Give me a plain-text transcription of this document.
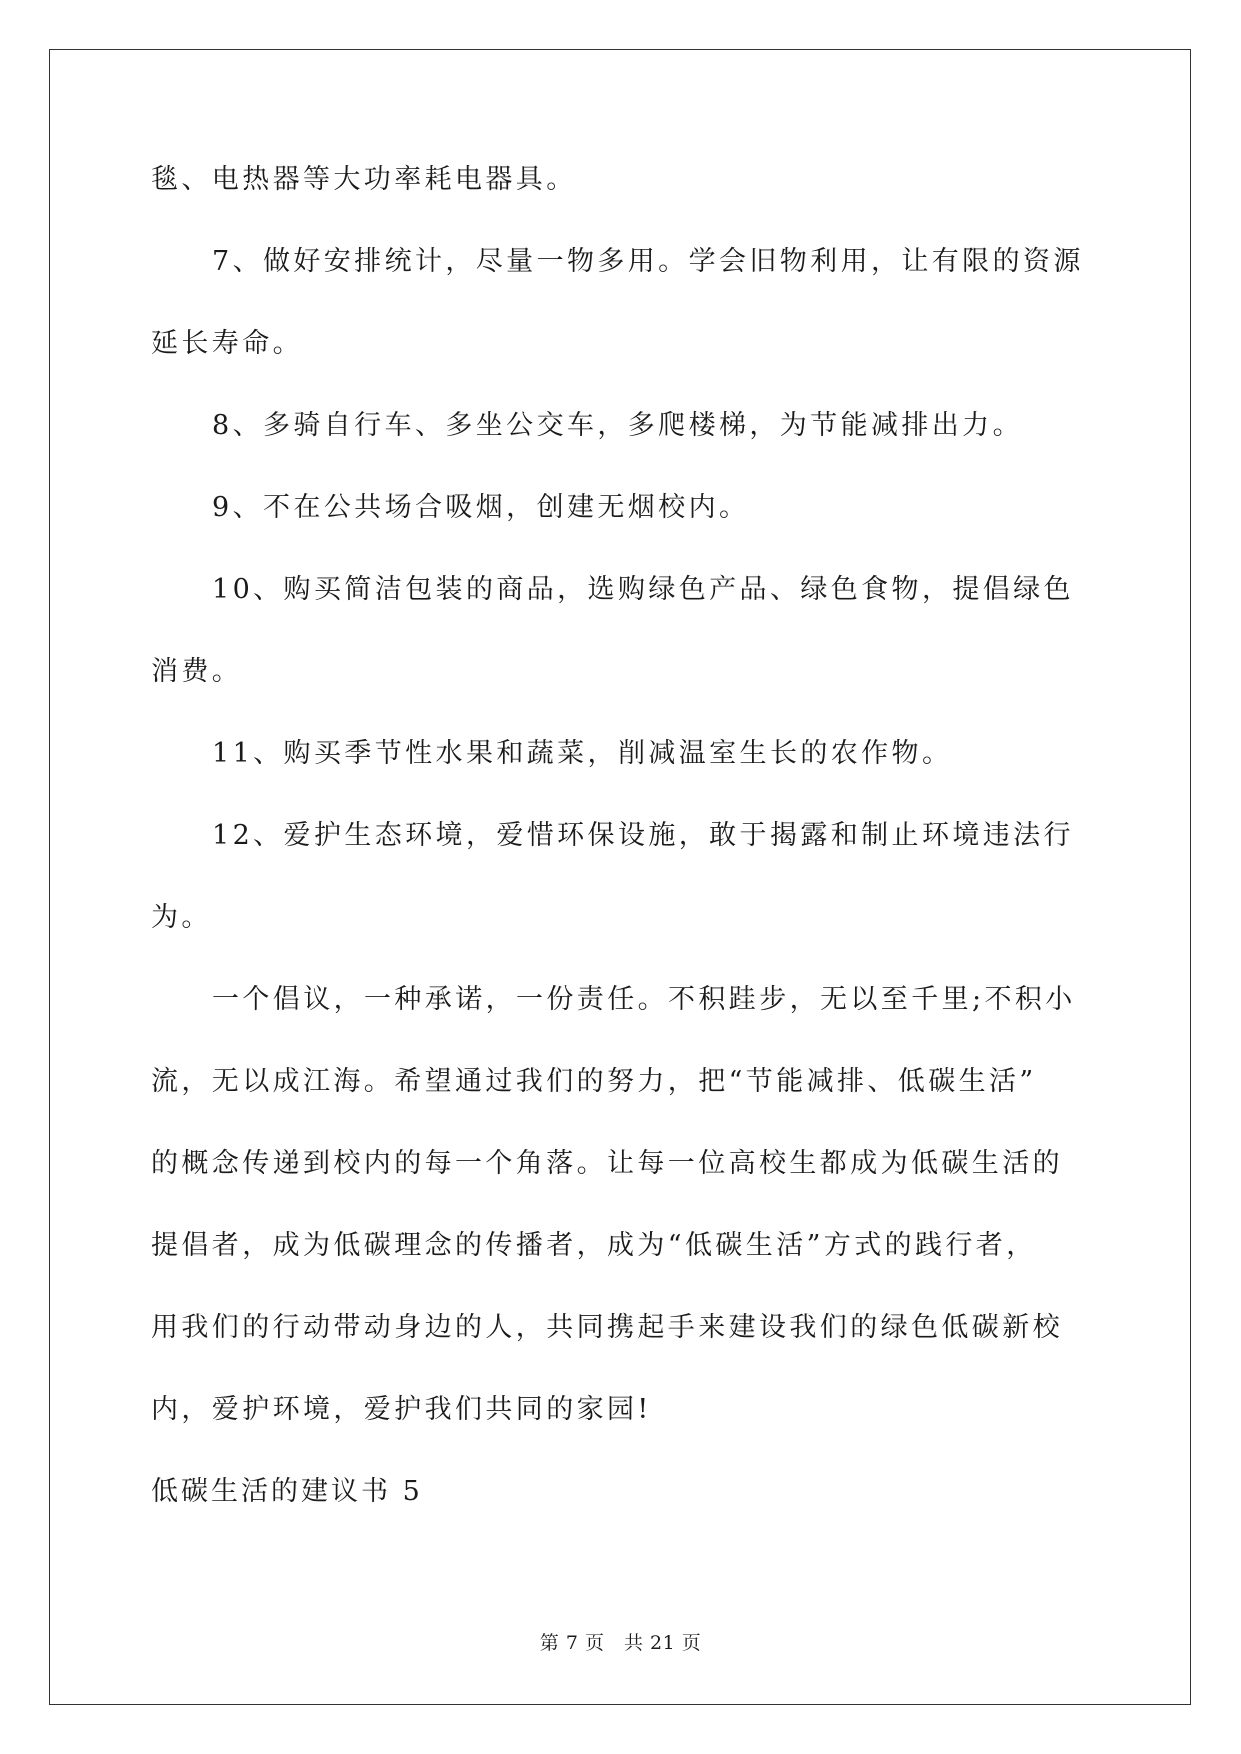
毯、电热器等大功率耗电器具。
7、做好安排统计，尽量一物多用。学会旧物利用，让有限的资源
延长寿命。
8、多骑自行车、多坐公交车，多爬楼梯，为节能减排出力。
9、不在公共场合吸烟，创建无烟校内。
10、购买简洁包装的商品，选购绿色产品、绿色食物，提倡绿色
消费。
11、购买季节性水果和蔬菜，削减温室生长的农作物。
12、爱护生态环境，爱惜环保设施，敢于揭露和制止环境违法行
为。
一个倡议，一种承诺，一份责任。不积跬步，无以至千里;不积小
流，无以成江海。希望通过我们的努力，把“节能减排、低碳生活”
的概念传递到校内的每一个角落。让每一位高校生都成为低碳生活的
提倡者，成为低碳理念的传播者，成为“低碳生活”方式的践行者，
用我们的行动带动身边的人，共同携起手来建设我们的绿色低碳新校
内，爱护环境，爱护我们共同的家园!
低碳生活的建议书 5
第 7 页　共 21 页
